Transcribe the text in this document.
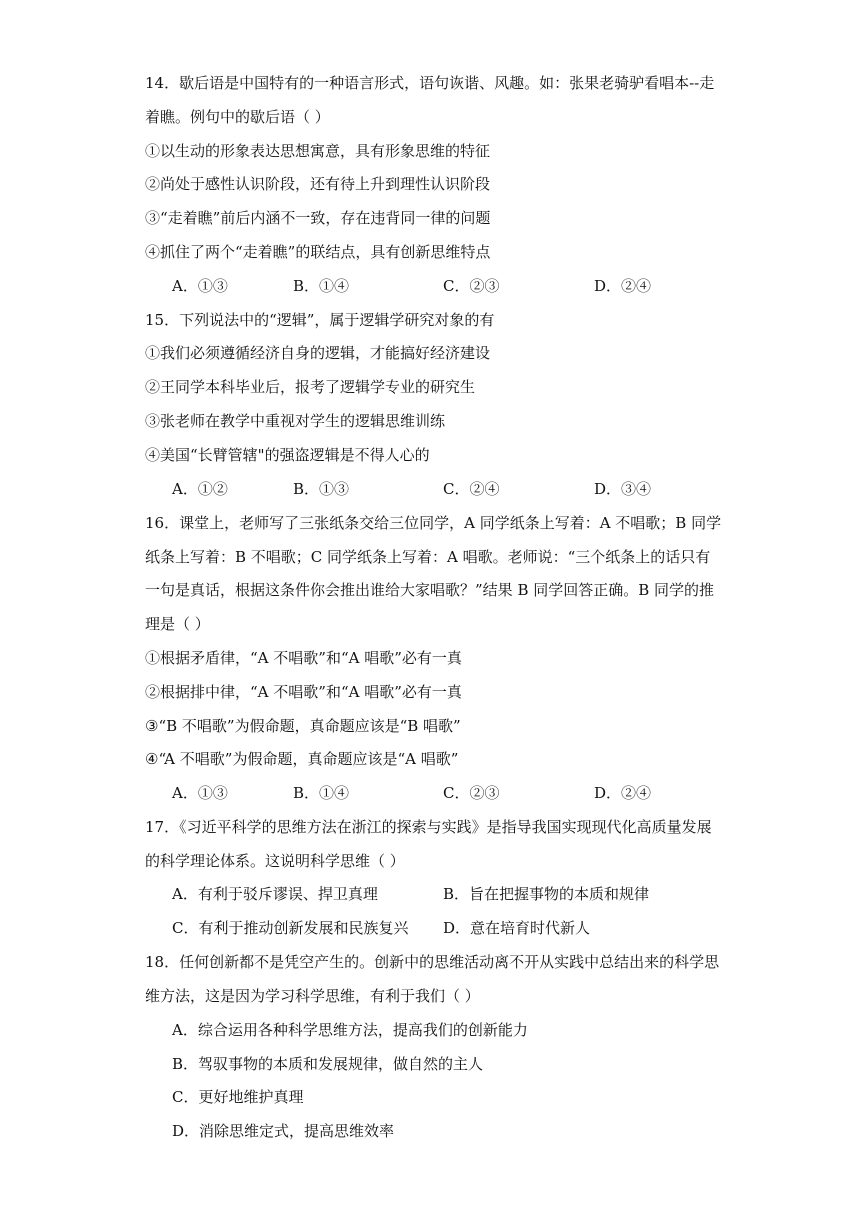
14．歇后语是中国特有的一种语言形式，语句诙谐、风趣。如：张果老骑驴看唱本--走
着瞧。例句中的歇后语（ ）
①以生动的形象表达思想寓意，具有形象思维的特征
②尚处于感性认识阶段，还有待上升到理性认识阶段
③“走着瞧”前后内涵不一致，存在违背同一律的问题
④抓住了两个“走着瞧”的联结点，具有创新思维特点
A．①③	B．①④	C．②③	D．②④
15．下列说法中的“逻辑”，属于逻辑学研究对象的有
①我们必须遵循经济自身的逻辑，才能搞好经济建设
②王同学本科毕业后，报考了逻辑学专业的研究生
③张老师在教学中重视对学生的逻辑思维训练
④美国“长臂管辖"的强盗逻辑是不得人心的
A．①②	B．①③	C．②④	D．③④
16．课堂上，老师写了三张纸条交给三位同学，A 同学纸条上写着：A 不唱歌；B 同学
纸条上写着：B 不唱歌；C 同学纸条上写着：A 唱歌。老师说：“三个纸条上的话只有
一句是真话，根据这条件你会推出谁给大家唱歌？”结果 B 同学回答正确。B 同学的推
理是（ ）
①根据矛盾律，“A 不唱歌”和“A 唱歌”必有一真
②根据排中律，“A 不唱歌”和“A 唱歌”必有一真
③“B 不唱歌”为假命题，真命题应该是“B 唱歌”
④“A 不唱歌”为假命题，真命题应该是“A 唱歌”
A．①③	B．①④	C．②③	D．②④
17．《习近平科学的思维方法在浙江的探索与实践》是指导我国实现现代化高质量发展
的科学理论体系。这说明科学思维（ ）
A．有利于驳斥谬误、捍卫真理	B．旨在把握事物的本质和规律
C．有利于推动创新发展和民族复兴 D．意在培育时代新人
18．任何创新都不是凭空产生的。创新中的思维活动离不开从实践中总结出来的科学思
维方法，这是因为学习科学思维，有利于我们（ ）
A．综合运用各种科学思维方法，提高我们的创新能力
B．驾驭事物的本质和发展规律，做自然的主人
C．更好地维护真理
D．消除思维定式，提高思维效率
